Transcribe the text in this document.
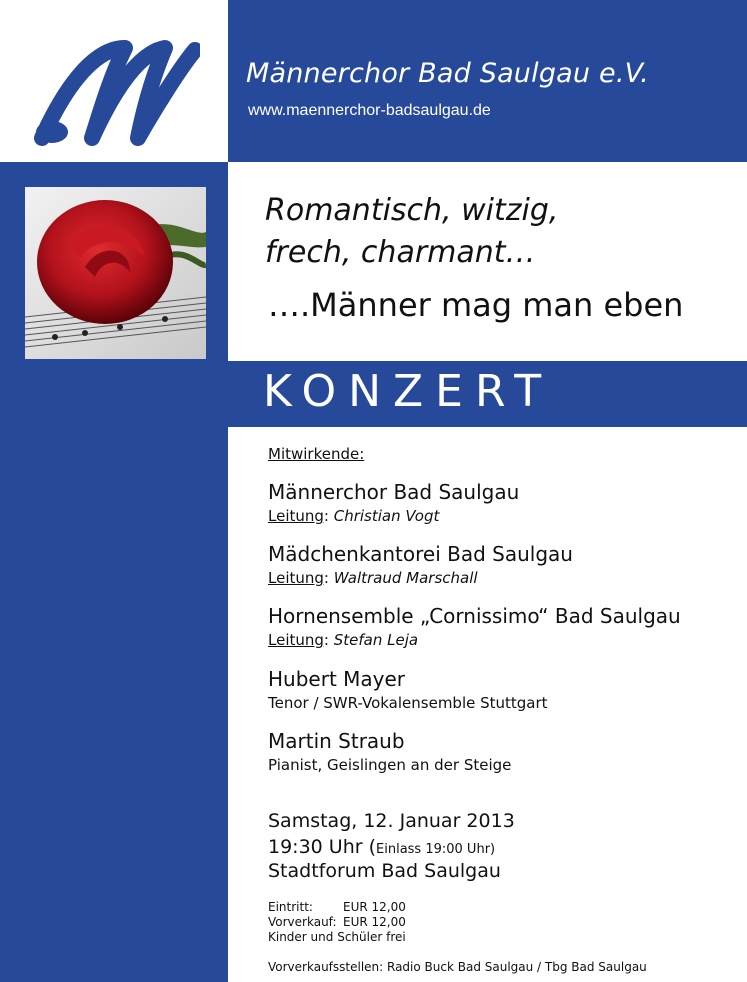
Männerchor Bad Saulgau e.V.
www.maennerchor-badsaulgau.de
Romantisch, witzig,
frech, charmant…
….Männer mag man eben
KONZERT
Mitwirkende:
Männerchor Bad Saulgau
Leitung: Christian Vogt
Mädchenkantorei Bad Saulgau
Leitung: Waltraud Marschall
Hornensemble „Cornissimo“ Bad Saulgau
Leitung: Stefan Leja
Hubert Mayer
Tenor / SWR-Vokalensemble Stuttgart
Martin Straub
Pianist, Geislingen an der Steige
Samstag, 12. Januar 2013
19:30 Uhr (Einlass 19:00 Uhr)
Stadtforum Bad Saulgau
Eintritt:	EUR 12,00
Vorverkauf: EUR 12,00
Kinder und Schüler frei
Vorverkaufsstellen: Radio Buck Bad Saulgau / Tbg Bad Saulgau
